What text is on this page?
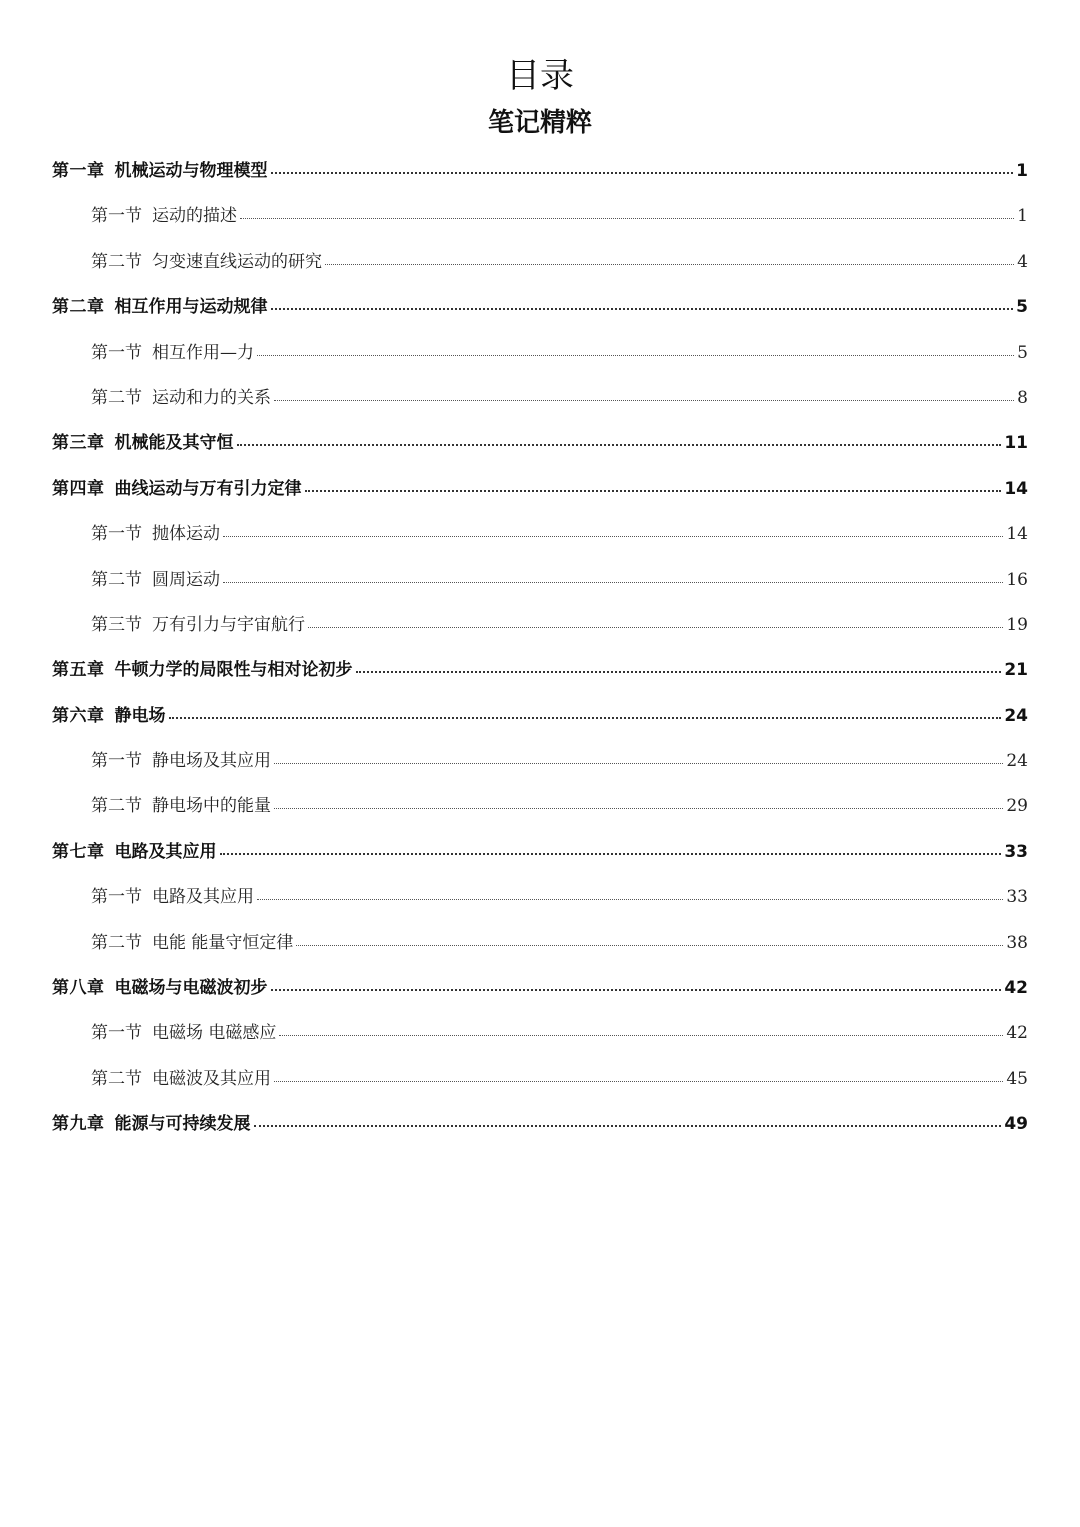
目录
笔记精粹
第一章 机械运动与物理模型	1
第一节 运动的描述	1
第二节 匀变速直线运动的研究	4
第二章 相互作用与运动规律	5
第一节 相互作用—力	5
第二节 运动和力的关系	8
第三章 机械能及其守恒	11
第四章 曲线运动与万有引力定律	14
第一节 抛体运动	14
第二节 圆周运动	16
第三节 万有引力与宇宙航行	19
第五章 牛顿力学的局限性与相对论初步	21
第六章 静电场	24
第一节 静电场及其应用	24
第二节 静电场中的能量	29
第七章 电路及其应用	33
第一节 电路及其应用	33
第二节 电能 能量守恒定律	38
第八章 电磁场与电磁波初步	42
第一节 电磁场 电磁感应	42
第二节 电磁波及其应用	45
第九章 能源与可持续发展	49
